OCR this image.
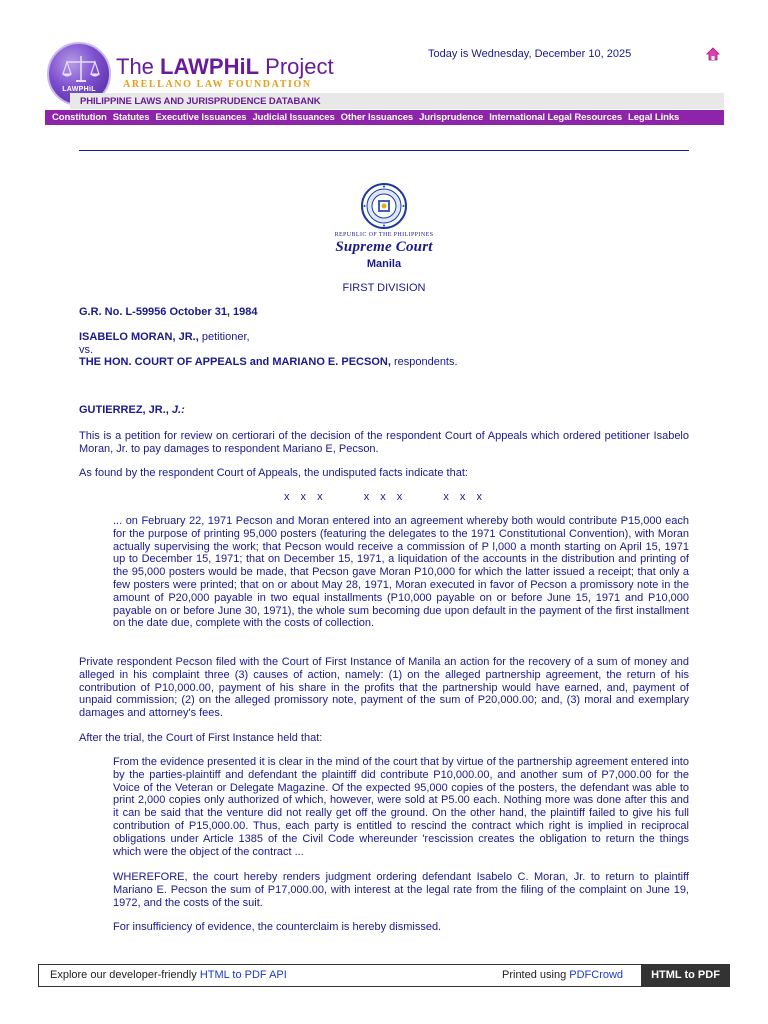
LAWPHiL
The LAWPHiL Project
ARELLANO LAW FOUNDATION
PHILIPPINE LAWS AND JURISPRUDENCE DATABANK
Today is Wednesday, December 10, 2025
Constitution Statutes Executive Issuances Judicial Issuances Other Issuances Jurisprudence International Legal Resources Legal Links
REPUBLIC OF THE PHILIPPINES
Supreme Court
Manila
FIRST DIVISION
G.R. No. L-59956 October 31, 1984
ISABELO MORAN, JR., petitioner,
vs.
THE HON. COURT OF APPEALS and MARIANO E. PECSON, respondents.
GUTIERREZ, JR., J.:
This is a petition for review on certiorari of the decision of the respondent Court of Appeals which ordered petitioner Isabelo Moran, Jr. to pay damages to respondent Mariano E, Pecson.
As found by the respondent Court of Appeals, the undisputed facts indicate that:
x x x	x x x	x x x
... on February 22, 1971 Pecson and Moran entered into an agreement whereby both would contribute P15,000 each for the purpose of printing 95,000 posters (featuring the delegates to the 1971 Constitutional Convention), with Moran actually supervising the work; that Pecson would receive a commission of P l,000 a month starting on April 15, 1971 up to December 15, 1971; that on December 15, 1971, a liquidation of the accounts in the distribution and printing of the 95,000 posters would be made, that Pecson gave Moran P10,000 for which the latter issued a receipt; that only a few posters were printed; that on or about May 28, 1971, Moran executed in favor of Pecson a promissory note in the amount of P20,000 payable in two equal installments (P10,000 payable on or before June 15, 1971 and P10,000 payable on or before June 30, 1971), the whole sum becoming due upon default in the payment of the first installment on the date due, complete with the costs of collection.
Private respondent Pecson filed with the Court of First Instance of Manila an action for the recovery of a sum of money and alleged in his complaint three (3) causes of action, namely: (1) on the alleged partnership agreement, the return of his contribution of P10,000.00, payment of his share in the profits that the partnership would have earned, and, payment of unpaid commission; (2) on the alleged promissory note, payment of the sum of P20,000.00; and, (3) moral and exemplary damages and attorney's fees.
After the trial, the Court of First Instance held that:
From the evidence presented it is clear in the mind of the court that by virtue of the partnership agreement entered into by the parties-plaintiff and defendant the plaintiff did contribute P10,000.00, and another sum of P7,000.00 for the Voice of the Veteran or Delegate Magazine. Of the expected 95,000 copies of the posters, the defendant was able to print 2,000 copies only authorized of which, however, were sold at P5.00 each. Nothing more was done after this and it can be said that the venture did not really get off the ground. On the other hand, the plaintiff failed to give his full contribution of P15,000.00. Thus, each party is entitled to rescind the contract which right is implied in reciprocal obligations under Article 1385 of the Civil Code whereunder 'rescission creates the obligation to return the things which were the object of the contract ...
WHEREFORE, the court hereby renders judgment ordering defendant Isabelo C. Moran, Jr. to return to plaintiff Mariano E. Pecson the sum of P17,000.00, with interest at the legal rate from the filing of the complaint on June 19, 1972, and the costs of the suit.
For insufficiency of evidence, the counterclaim is hereby dismissed.
Explore our developer-friendly HTML to PDF API	Printed using PDFCrowd	HTML to PDF
